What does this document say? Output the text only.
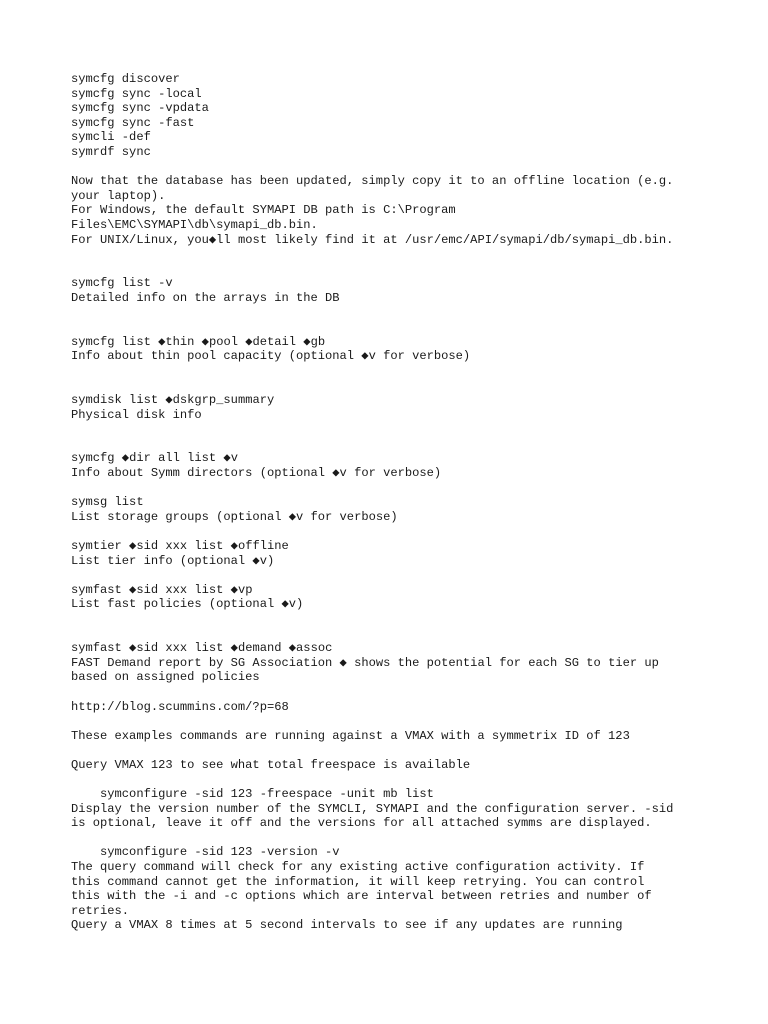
symcfg discover
symcfg sync -local
symcfg sync -vpdata
symcfg sync -fast
symcli -def
symrdf sync
Now that the database has been updated, simply copy it to an offline location (e.g.
your laptop).
For Windows, the default SYMAPI DB path is C:\Program
Files\EMC\SYMAPI\db\symapi_db.bin.
For UNIX/Linux, you◆ll most likely find it at /usr/emc/API/symapi/db/symapi_db.bin.
symcfg list -v
Detailed info on the arrays in the DB
symcfg list ◆thin ◆pool ◆detail ◆gb
Info about thin pool capacity (optional ◆v for verbose)
symdisk list ◆dskgrp_summary
Physical disk info
symcfg ◆dir all list ◆v
Info about Symm directors (optional ◆v for verbose)
symsg list
List storage groups (optional ◆v for verbose)
symtier ◆sid xxx list ◆offline
List tier info (optional ◆v)
symfast ◆sid xxx list ◆vp
List fast policies (optional ◆v)
symfast ◆sid xxx list ◆demand ◆assoc
FAST Demand report by SG Association ◆ shows the potential for each SG to tier up
based on assigned policies
http://blog.scummins.com/?p=68
These examples commands are running against a VMAX with a symmetrix ID of 123
Query VMAX 123 to see what total freespace is available
symconfigure -sid 123 -freespace -unit mb list
Display the version number of the SYMCLI, SYMAPI and the configuration server. -sid
is optional, leave it off and the versions for all attached symms are displayed.
symconfigure -sid 123 -version -v
The query command will check for any existing active configuration activity. If
this command cannot get the information, it will keep retrying. You can control
this with the -i and -c options which are interval between retries and number of
retries.
Query a VMAX 8 times at 5 second intervals to see if any updates are running
